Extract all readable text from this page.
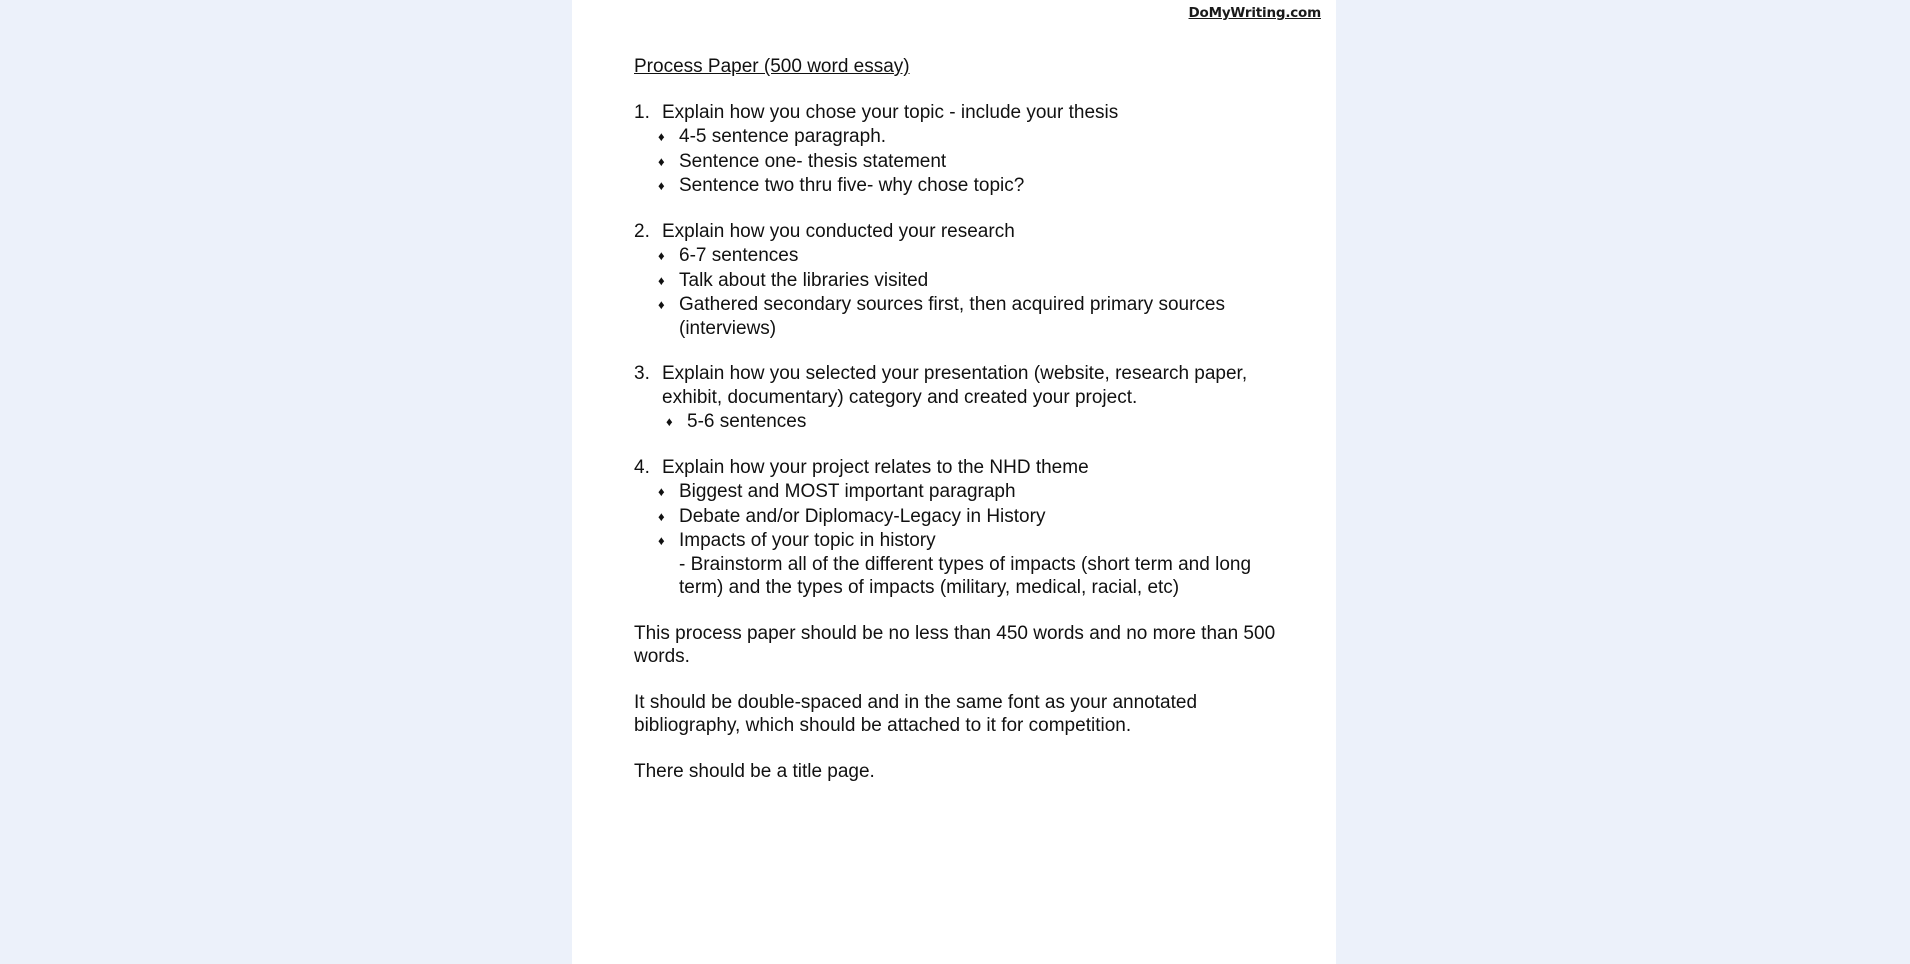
DoMyWriting.com
Process Paper (500 word essay)
1. Explain how you chose your topic - include your thesis
♦ 4-5 sentence paragraph.
♦ Sentence one- thesis statement
♦ Sentence two thru five- why chose topic?
2. Explain how you conducted your research
♦ 6-7 sentences
♦ Talk about the libraries visited
♦ Gathered secondary sources first, then acquired primary sources (interviews)
3. Explain how you selected your presentation (website, research paper, exhibit, documentary) category and created your project.
♦ 5-6 sentences
4. Explain how your project relates to the NHD theme
♦ Biggest and MOST important paragraph
♦ Debate and/or Diplomacy-Legacy in History
♦ Impacts of your topic in history
- Brainstorm all of the different types of impacts (short term and long term) and the types of impacts (military, medical, racial, etc)

This process paper should be no less than 450 words and no more than 500 words.

It should be double-spaced and in the same font as your annotated bibliography, which should be attached to it for competition.

There should be a title page.
